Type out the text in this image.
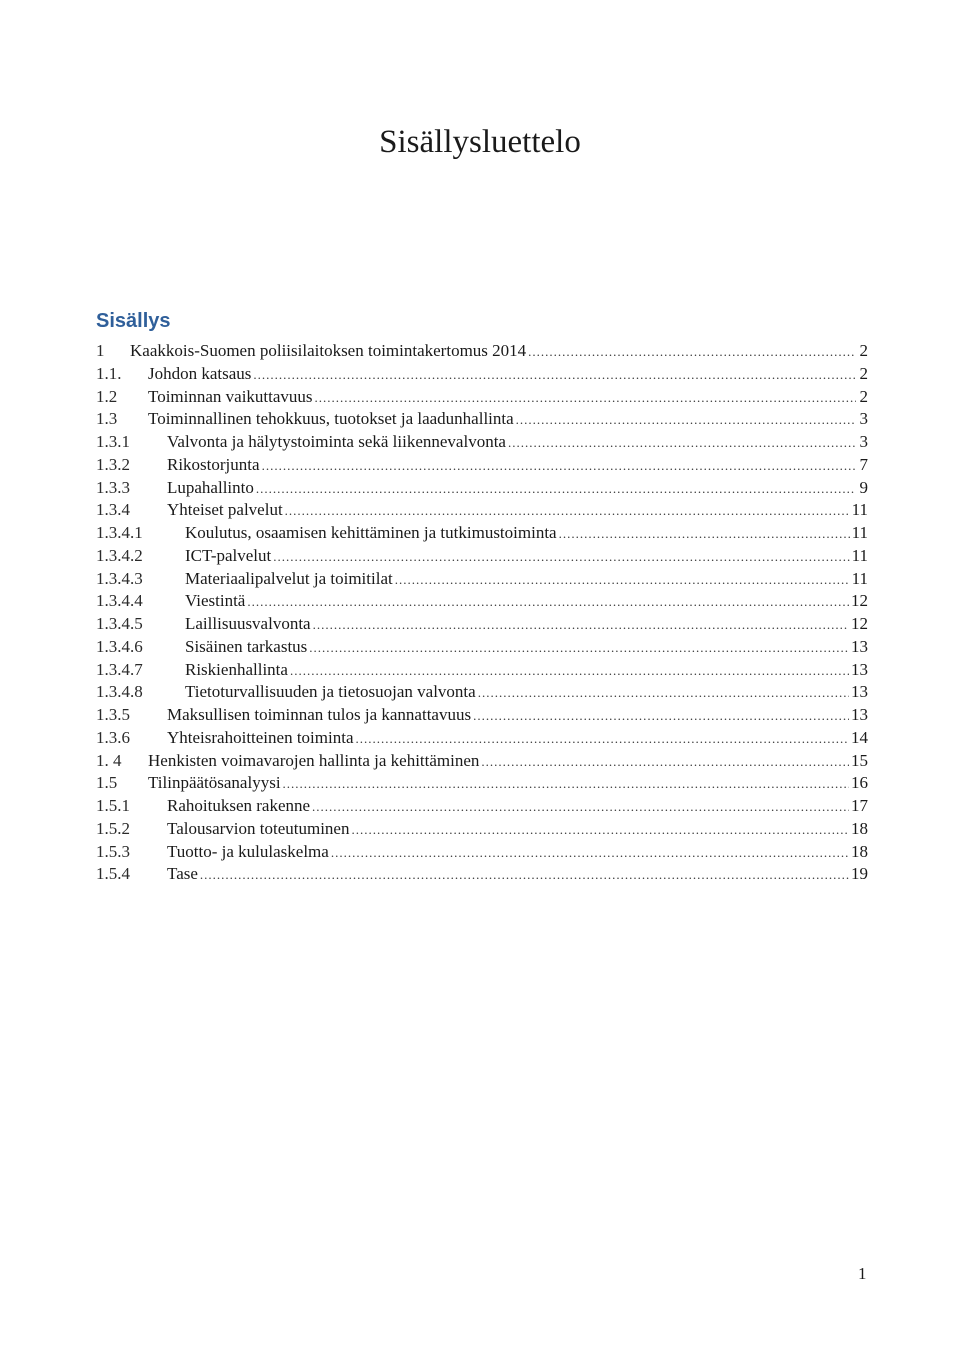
Sisällysluettelo
Sisällys
1	Kaakkois-Suomen poliisilaitoksen toimintakertomus 2014 .....	2
1.1.	Johdon katsaus .....	2
1.2	Toiminnan vaikuttavuus .....	2
1.3	Toiminnallinen tehokkuus, tuotokset ja laadunhallinta .....	3
1.3.1	Valvonta ja hälytystoiminta sekä liikennevalvonta .....	3
1.3.2	Rikostorjunta .....	7
1.3.3	Lupahallinto .....	9
1.3.4	Yhteiset palvelut .....	11
1.3.4.1	Koulutus, osaamisen kehittäminen ja tutkimustoiminta .....	11
1.3.4.2	ICT-palvelut .....	11
1.3.4.3	Materiaalipalvelut ja toimitilat .....	11
1.3.4.4	Viestintä .....	12
1.3.4.5	Laillisuusvalvonta .....	12
1.3.4.6	Sisäinen tarkastus .....	13
1.3.4.7	Riskienhallinta .....	13
1.3.4.8	Tietoturvallisuuden ja tietosuojan valvonta .....	13
1.3.5	Maksullisen toiminnan tulos ja kannattavuus .....	13
1.3.6	Yhteisrahoitteinen toiminta .....	14
1. 4	Henkisten voimavarojen hallinta ja kehittäminen .....	15
1.5	Tilinpäätösanalyysi .....	16
1.5.1	Rahoituksen rakenne .....	17
1.5.2	Talousarvion toteutuminen .....	18
1.5.3	Tuotto- ja kululaskelma .....	18
1.5.4	Tase .....	19
1
